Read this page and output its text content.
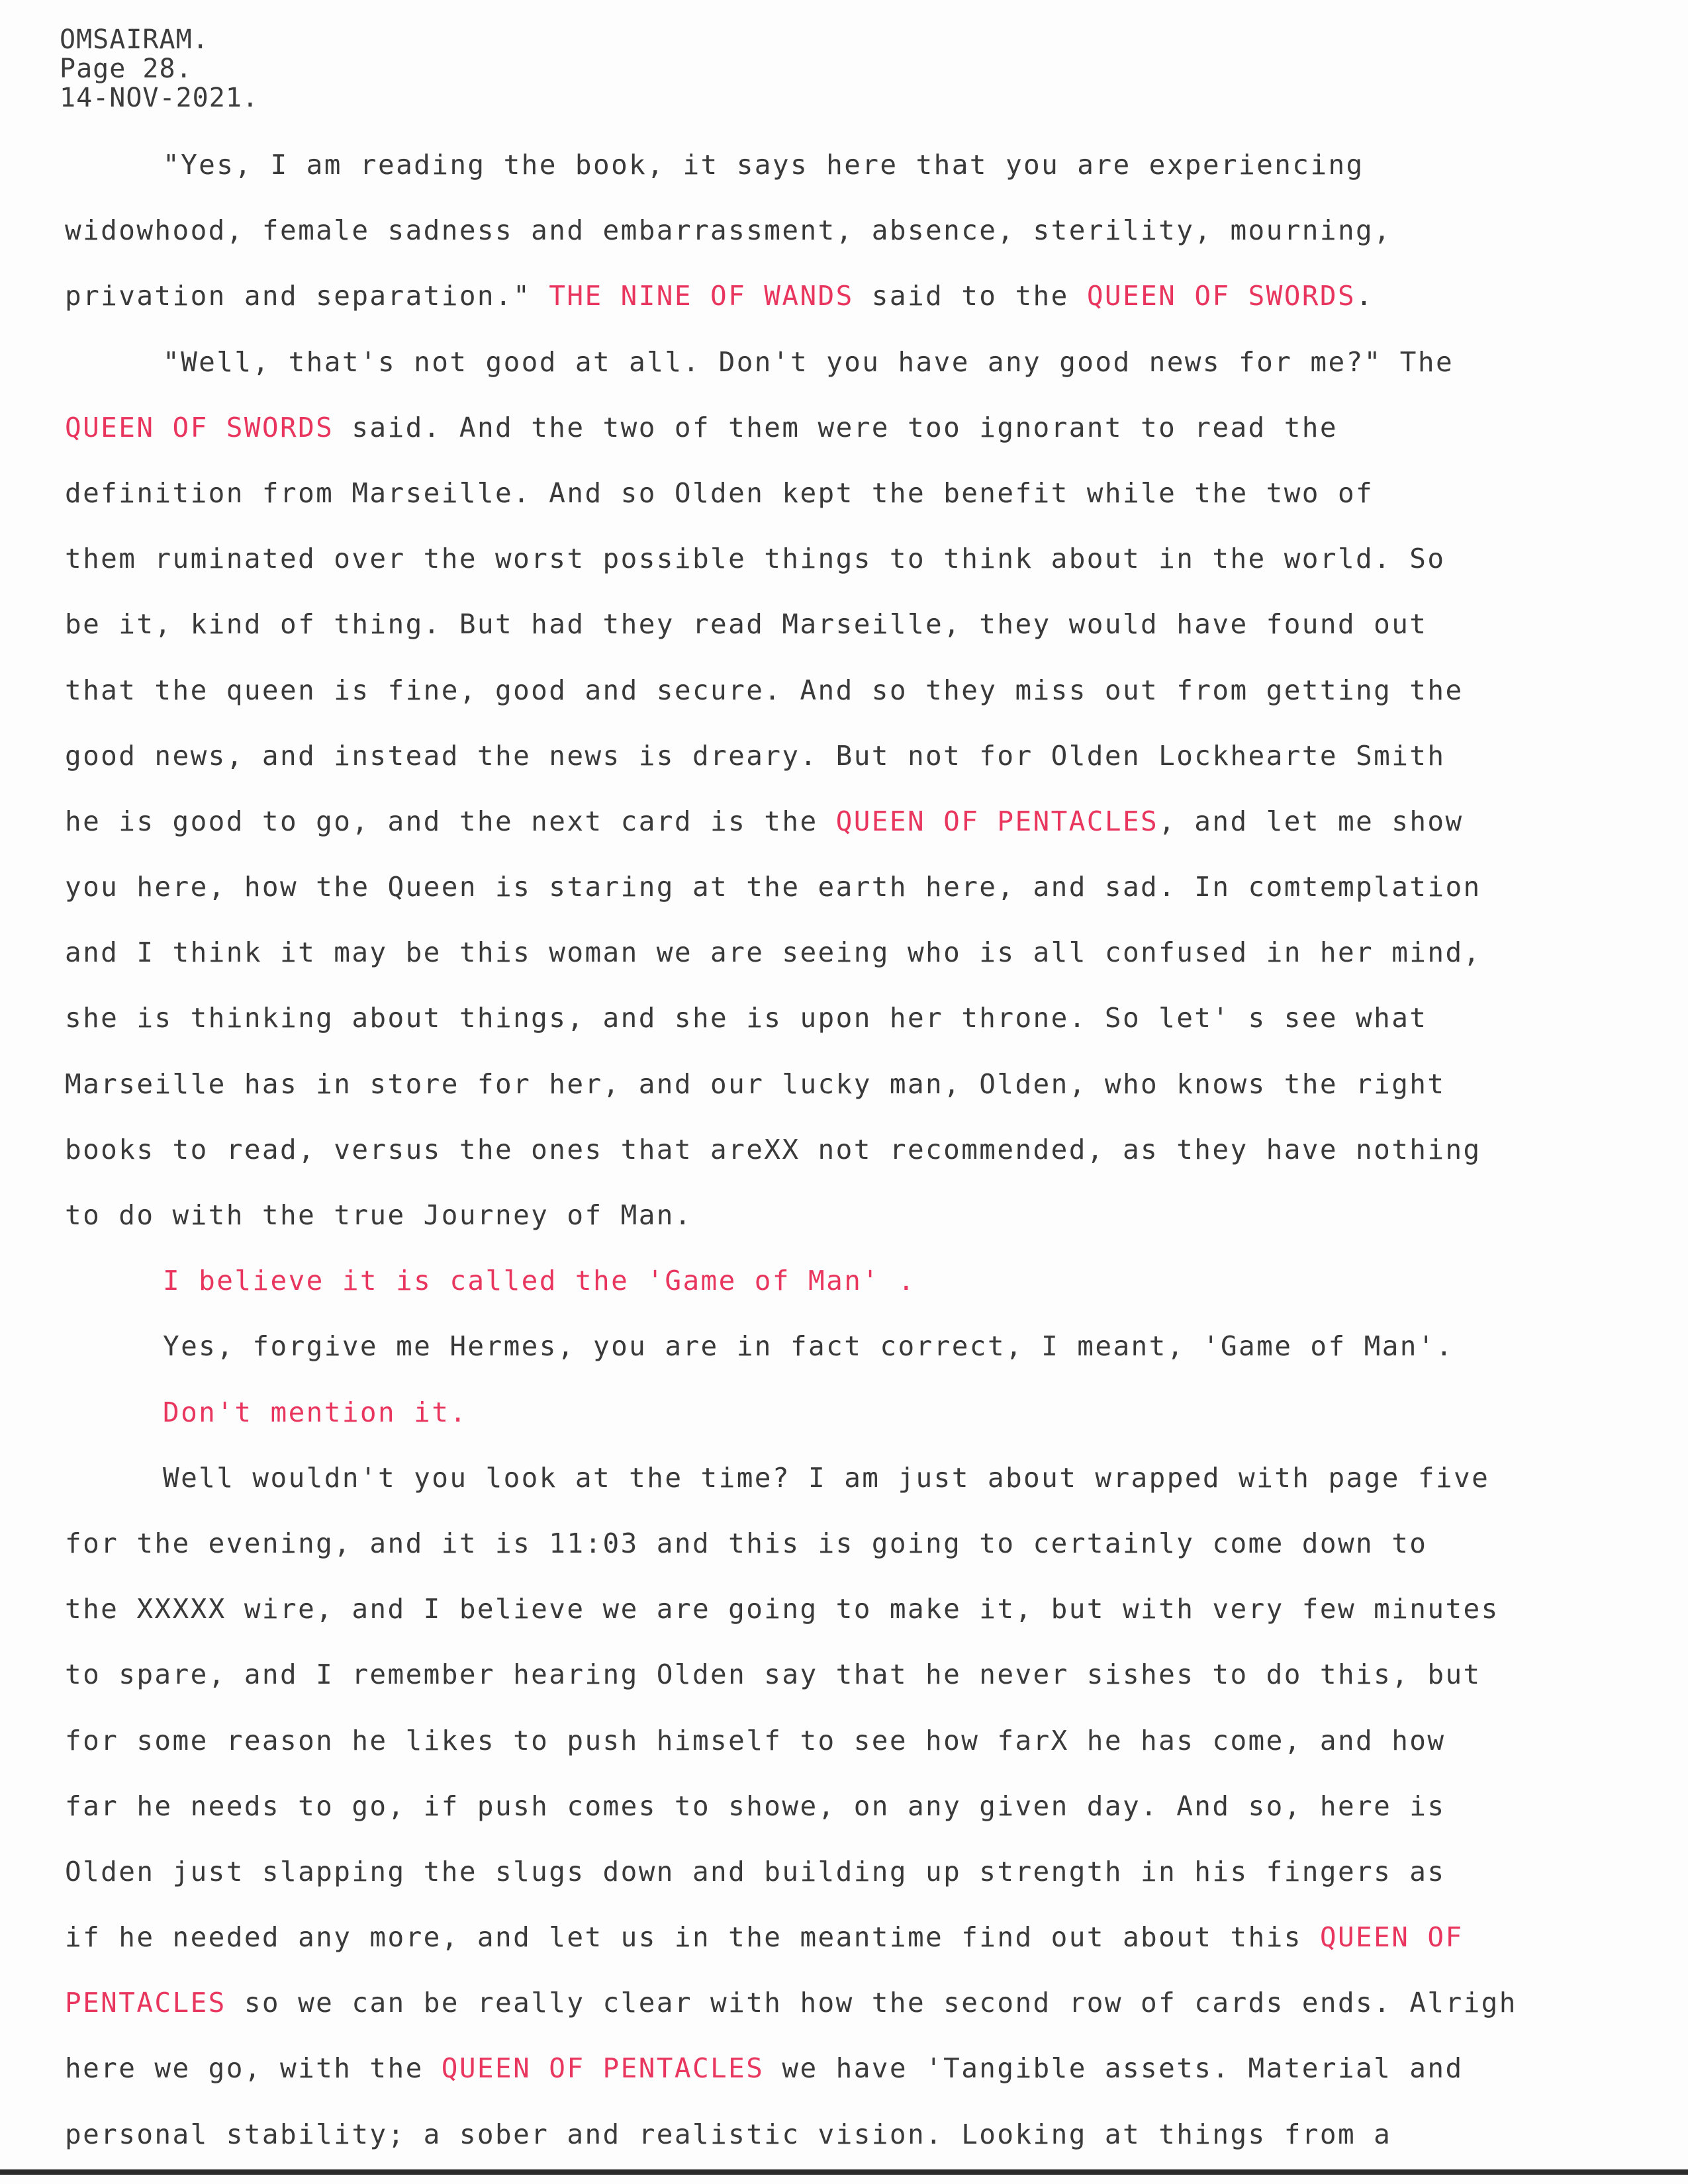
OMSAIRAM.
Page 28.
14-NOV-2021.
"Yes, I am reading the book, it says here that you are experiencing
widowhood, female sadness and embarrassment, absence, sterility, mourning,
privation and separation." THE NINE OF WANDS said to the QUEEN OF SWORDS.
"Well, that's not good at all. Don't you have any good news for me?" The
QUEEN OF SWORDS said. And the two of them were too ignorant to read the
definition from Marseille. And so Olden kept the benefit while the two of
them ruminated over the worst possible things to think about in the world. So
be it, kind of thing. But had they read Marseille, they would have found out
that the queen is fine, good and secure. And so they miss out from getting the
good news, and instead the news is dreary. But not for Olden Lockhearte Smith
he is good to go, and the next card is the QUEEN OF PENTACLES, and let me show
you here, how the Queen is staring at the earth here, and sad. In comtemplation
and I think it may be this woman we are seeing who is all confused in her mind,
she is thinking about things, and she is upon her throne. So let' s see what
Marseille has in store for her, and our lucky man, Olden, who knows the right
books to read, versus the ones that areXX not recommended, as they have nothing
to do with the true Journey of Man.
I believe it is called the 'Game of Man' .
Yes, forgive me Hermes, you are in fact correct, I meant, 'Game of Man'.
Don't mention it.
Well wouldn't you look at the time? I am just about wrapped with page five
for the evening, and it is 11:03 and this is going to certainly come down to
the XXXXX wire, and I believe we are going to make it, but with very few minutes
to spare, and I remember hearing Olden say that he never sishes to do this, but
for some reason he likes to push himself to see how farX he has come, and how
far he needs to go, if push comes to showe, on any given day. And so, here is
Olden just slapping the slugs down and building up strength in his fingers as
if he needed any more, and let us in the meantime find out about this QUEEN OF
PENTACLES so we can be really clear with how the second row of cards ends. Alrigh
here we go, with the QUEEN OF PENTACLES we have 'Tangible assets. Material and
personal stability; a sober and realistic vision. Looking at things from a
